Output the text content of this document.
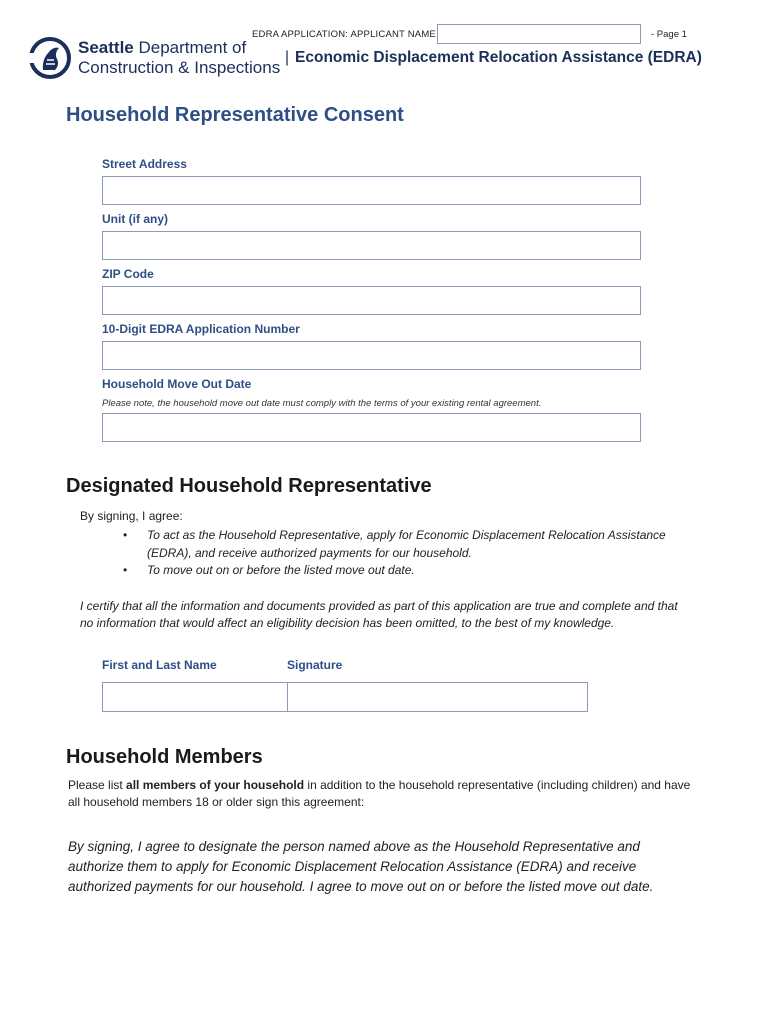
EDRA APPLICATION: APPLICANT NAME	- Page 1
Seattle Department of
Construction & Inspections
| Economic Displacement Relocation Assistance (EDRA)
Household Representative Consent
Street Address
Unit (if any)
ZIP Code
10-Digit EDRA Application Number
Household Move Out Date
Please note, the household move out date must comply with the terms of your existing rental agreement.
Designated Household Representative
By signing, I agree:
• To act as the Household Representative, apply for Economic Displacement Relocation Assistance (EDRA), and receive authorized payments for our household.
• To move out on or before the listed move out date.
I certify that all the information and documents provided as part of this application are true and complete and that no information that would affect an eligibility decision has been omitted, to the best of my knowledge.
First and Last Name	Signature
Household Members
Please list all members of your household in addition to the household representative (including children) and have all household members 18 or older sign this agreement:
By signing, I agree to designate the person named above as the Household Representative and authorize them to apply for Economic Displacement Relocation Assistance (EDRA) and receive authorized payments for our household. I agree to move out on or before the listed move out date.
